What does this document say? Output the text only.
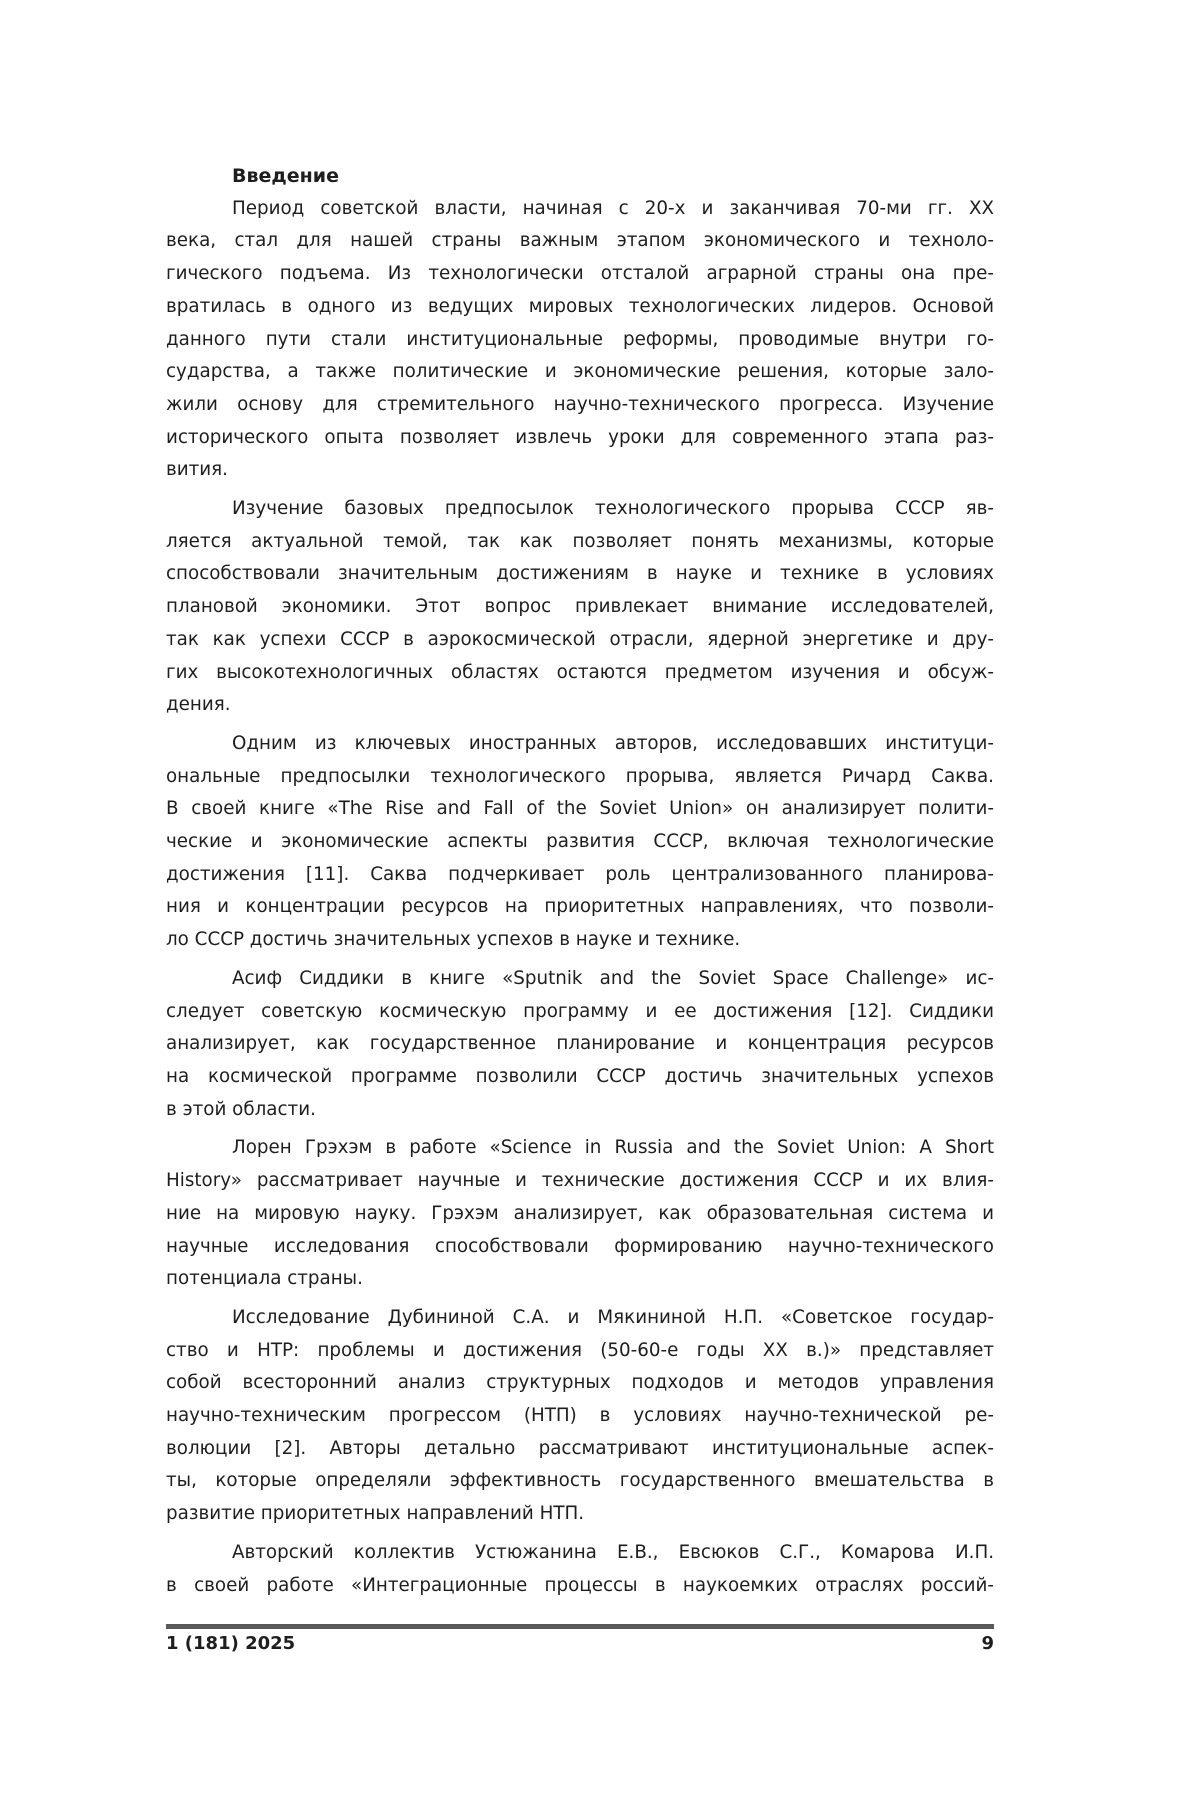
Введение
Период советской власти, начиная с 20-х и заканчивая 70-ми гг. XX
века, стал для нашей страны важным этапом экономического и техноло-
гического подъема. Из технологически отсталой аграрной страны она пре-
вратилась в одного из ведущих мировых технологических лидеров. Основой
данного пути стали институциональные реформы, проводимые внутри го-
сударства, а также политические и экономические решения, которые зало-
жили основу для стремительного научно-технического прогресса. Изучение
исторического опыта позволяет извлечь уроки для современного этапа раз-
вития.
Изучение базовых предпосылок технологического прорыва СССР яв-
ляется актуальной темой, так как позволяет понять механизмы, которые
способствовали значительным достижениям в науке и технике в условиях
плановой экономики. Этот вопрос привлекает внимание исследователей,
так как успехи СССР в аэрокосмической отрасли, ядерной энергетике и дру-
гих высокотехнологичных областях остаются предметом изучения и обсуж-
дения.
Одним из ключевых иностранных авторов, исследовавших институци-
ональные предпосылки технологического прорыва, является Ричард Саква.
В своей книге «The Rise and Fall of the Soviet Union» он анализирует полити-
ческие и экономические аспекты развития СССР, включая технологические
достижения [11]. Саква подчеркивает роль централизованного планирова-
ния и концентрации ресурсов на приоритетных направлениях, что позволи-
ло СССР достичь значительных успехов в науке и технике.
Асиф Сиддики в книге «Sputnik and the Soviet Space Challenge» ис-
следует советскую космическую программу и ее достижения [12]. Сиддики
анализирует, как государственное планирование и концентрация ресурсов
на космической программе позволили СССР достичь значительных успехов
в этой области.
Лорен Грэхэм в работе «Science in Russia and the Soviet Union: A Short
History» рассматривает научные и технические достижения СССР и их влия-
ние на мировую науку. Грэхэм анализирует, как образовательная система и
научные исследования способствовали формированию научно-технического
потенциала страны.
Исследование Дубининой С.А. и Мякининой Н.П. «Советское государ-
ство и НТР: проблемы и достижения (50-60-е годы XX в.)» представляет
собой всесторонний анализ структурных подходов и методов управления
научно-техническим прогрессом (НТП) в условиях научно-технической ре-
волюции [2]. Авторы детально рассматривают институциональные аспек-
ты, которые определяли эффективность государственного вмешательства в
развитие приоритетных направлений НТП.
Авторский коллектив Устюжанина Е.В., Евсюков С.Г., Комарова И.П.
в своей работе «Интеграционные процессы в наукоемких отраслях россий-
1 (181) 2025	9
